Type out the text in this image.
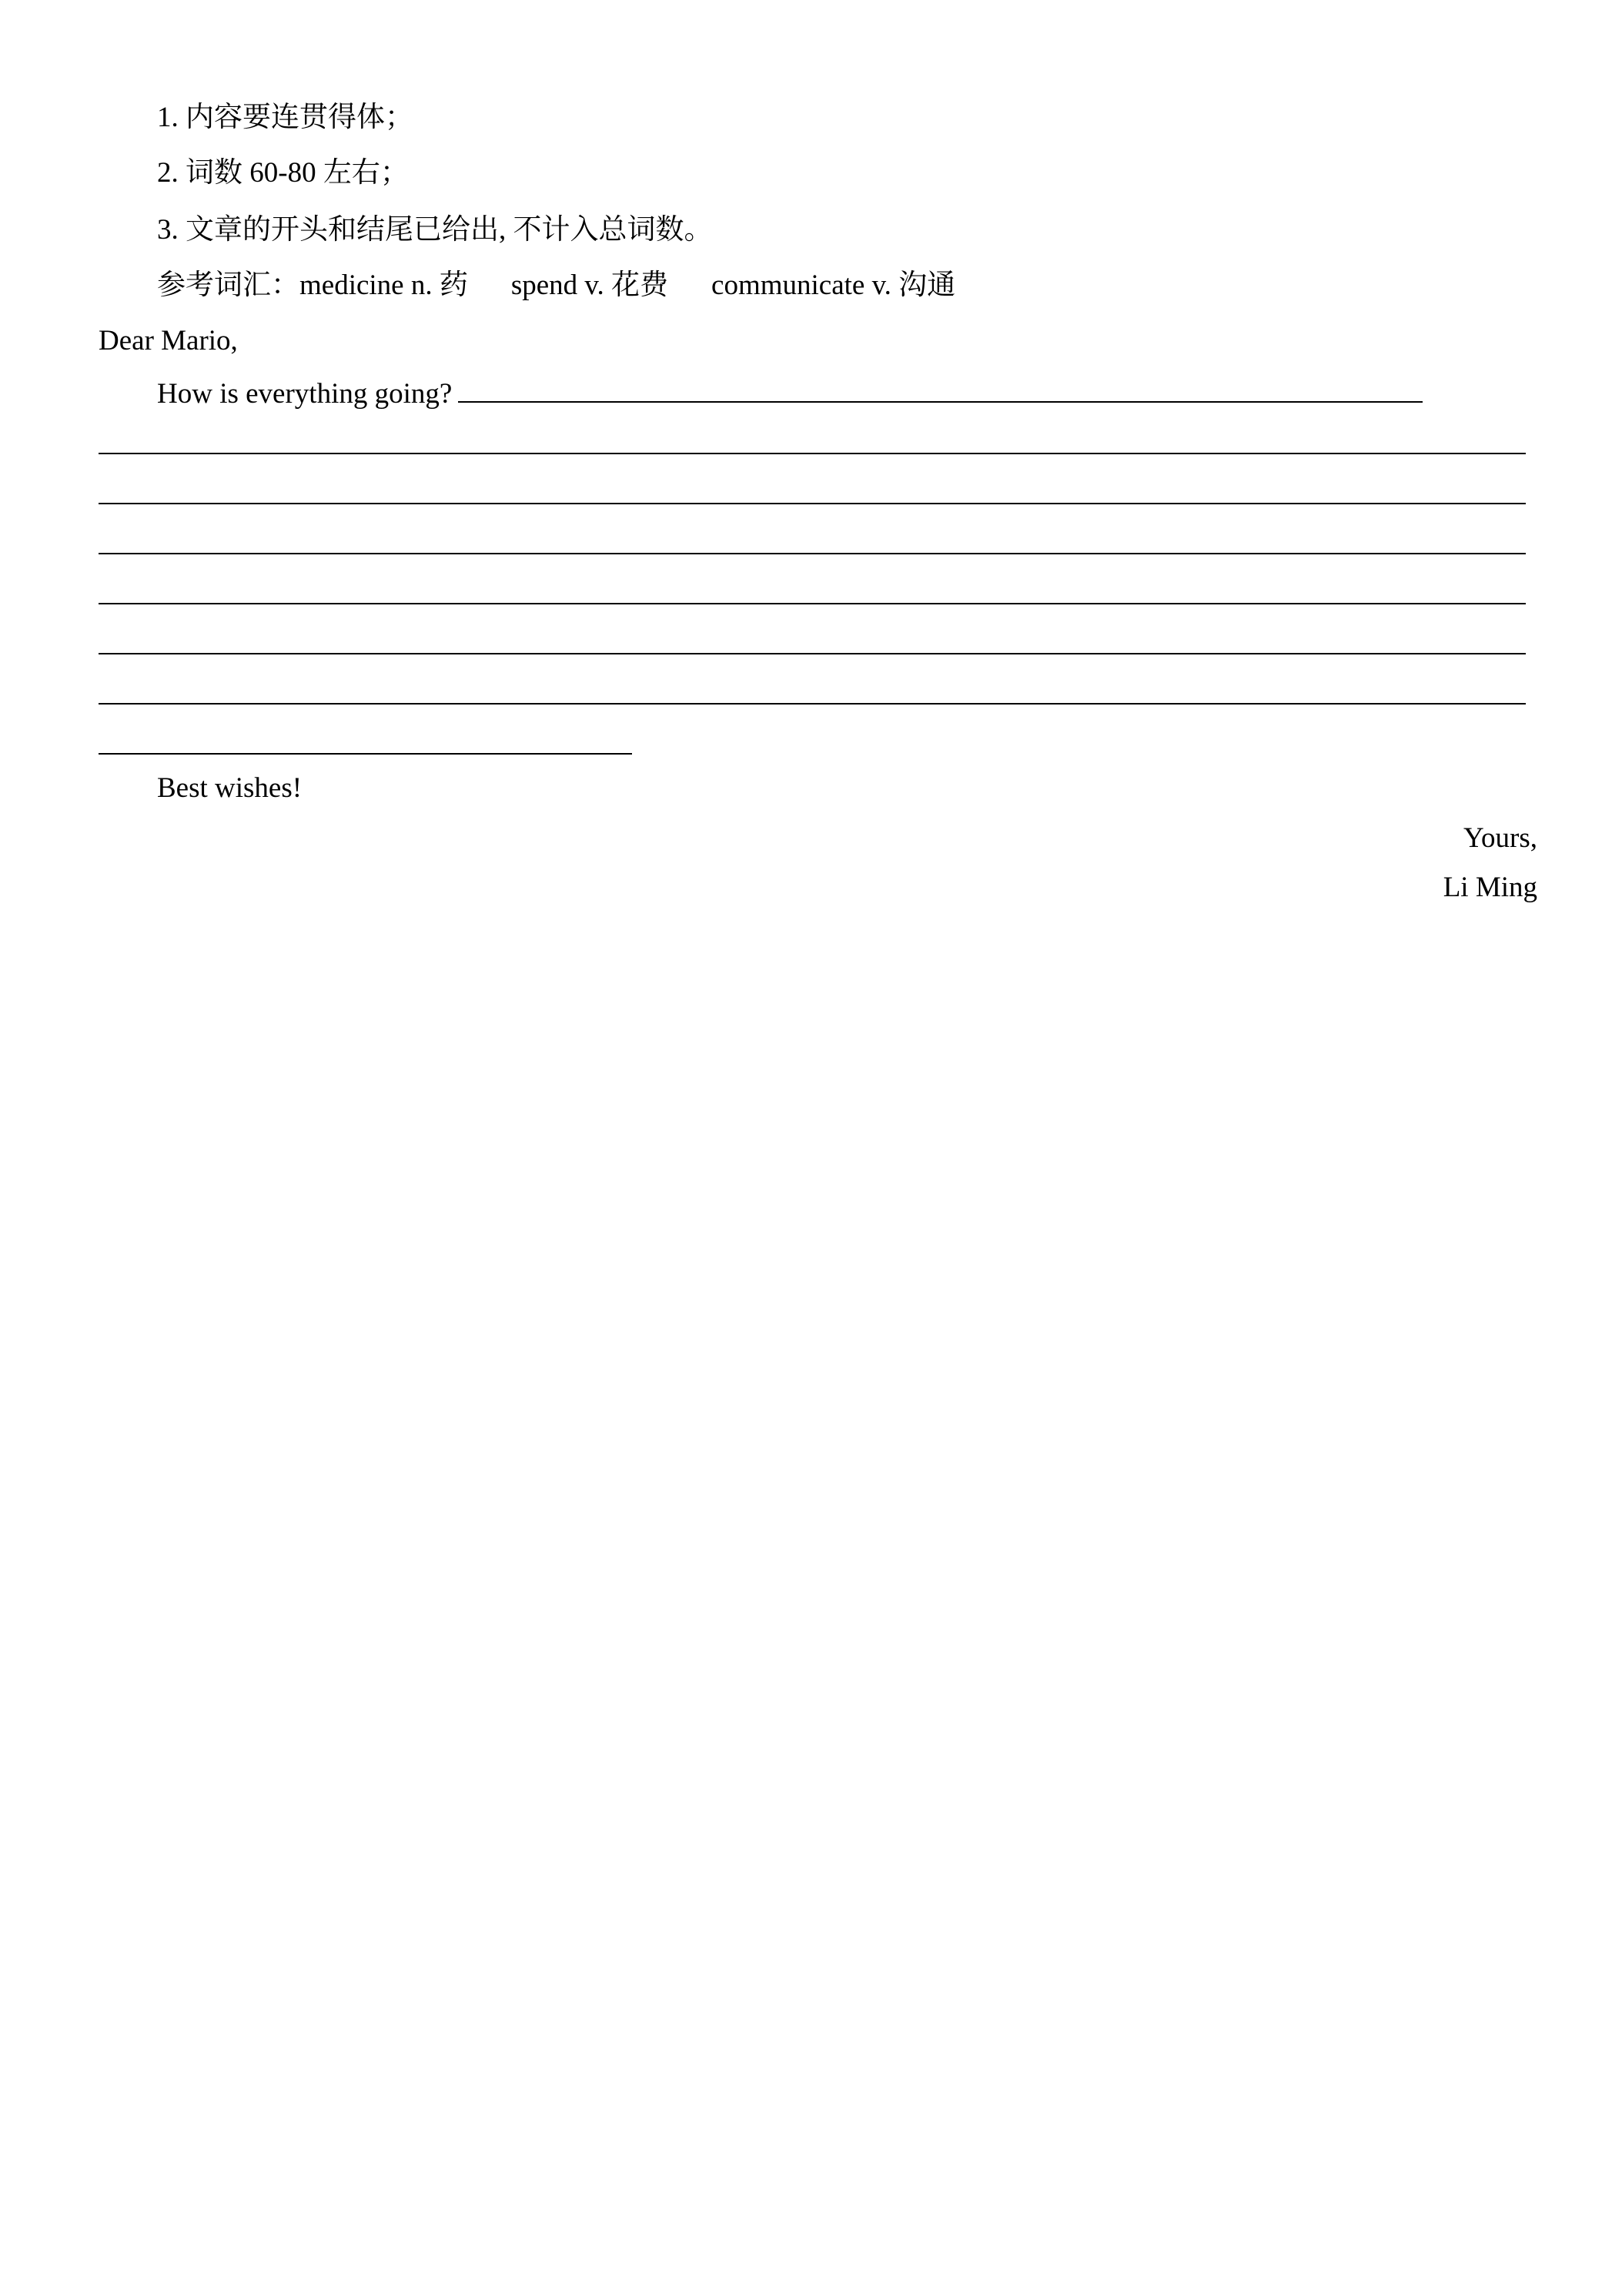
1. 内容要连贯得体；
2. 词数 60-80 左右；
3. 文章的开头和结尾已给出, 不计入总词数。
参考词汇：medicine n. 药 spend v. 花费 communicate v. 沟通
Dear Mario,
How is everything going?
Best wishes!
Yours,
Li Ming
